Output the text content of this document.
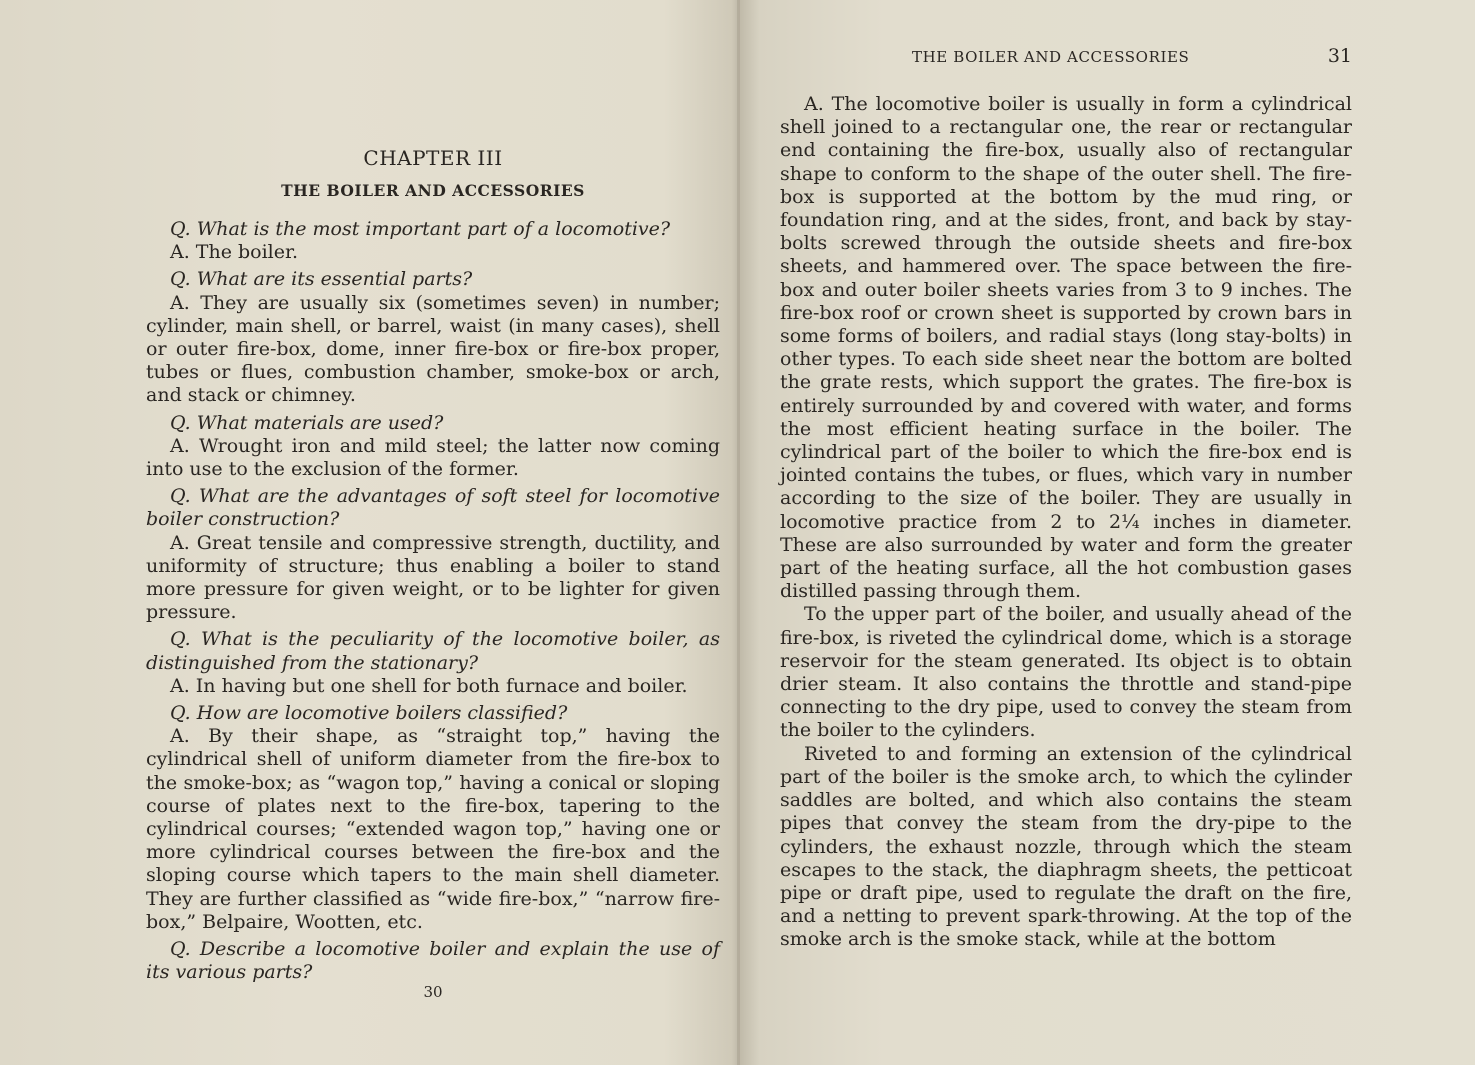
CHAPTER III
THE BOILER AND ACCESSORIES

Q. What is the most important part of a locomotive?

A. The boiler.

Q. What are its essential parts?

A. They are usually six (sometimes seven) in number; cylinder, main shell, or barrel, waist (in many cases), shell or outer fire-box, dome, inner fire-box or fire-box proper, tubes or flues, combustion chamber, smoke-box or arch, and stack or chimney.

Q. What materials are used?

A. Wrought iron and mild steel; the latter now coming into use to the exclusion of the former.

Q. What are the advantages of soft steel for locomotive boiler construction?

A. Great tensile and compressive strength, ductility, and uniformity of structure; thus enabling a boiler to stand more pressure for given weight, or to be lighter for given pressure.

Q. What is the peculiarity of the locomotive boiler, as distinguished from the stationary?

A. In having but one shell for both furnace and boiler.

Q. How are locomotive boilers classified?

A. By their shape, as “straight top,” having the cylindrical shell of uniform diameter from the fire-box to the smoke-box; as “wagon top,” having a conical or sloping course of plates next to the fire-box, tapering to the cylindrical courses; “extended wagon top,” having one or more cylindrical courses between the fire-box and the sloping course which tapers to the main shell diameter. They are further classified as “wide fire-box,” “narrow fire-box,” Belpaire, Wootten, etc.

Q. Describe a locomotive boiler and explain the use of its various parts?

30
THE BOILER AND ACCESSORIES	31

A. The locomotive boiler is usually in form a cylindrical shell joined to a rectangular one, the rear or rectangular end containing the fire-box, usually also of rectangular shape to conform to the shape of the outer shell. The fire-box is supported at the bottom by the mud ring, or foundation ring, and at the sides, front, and back by stay-bolts screwed through the outside sheets and fire-box sheets, and hammered over. The space between the fire-box and outer boiler sheets varies from 3 to 9 inches. The fire-box roof or crown sheet is supported by crown bars in some forms of boilers, and radial stays (long stay-bolts) in other types. To each side sheet near the bottom are bolted the grate rests, which support the grates. The fire-box is entirely surrounded by and covered with water, and forms the most efficient heating surface in the boiler. The cylindrical part of the boiler to which the fire-box end is jointed contains the tubes, or flues, which vary in number according to the size of the boiler. They are usually in locomotive practice from 2 to 2¼ inches in diameter. These are also surrounded by water and form the greater part of the heating surface, all the hot combustion gases distilled passing through them.

To the upper part of the boiler, and usually ahead of the fire-box, is riveted the cylindrical dome, which is a storage reservoir for the steam generated. Its object is to obtain drier steam. It also contains the throttle and stand-pipe connecting to the dry pipe, used to convey the steam from the boiler to the cylinders.

Riveted to and forming an extension of the cylindrical part of the boiler is the smoke arch, to which the cylinder saddles are bolted, and which also contains the steam pipes that convey the steam from the dry-pipe to the cylinders, the exhaust nozzle, through which the steam escapes to the stack, the diaphragm sheets, the petticoat pipe or draft pipe, used to regulate the draft on the fire, and a netting to prevent spark-throwing. At the top of the smoke arch is the smoke stack, while at the bottom
